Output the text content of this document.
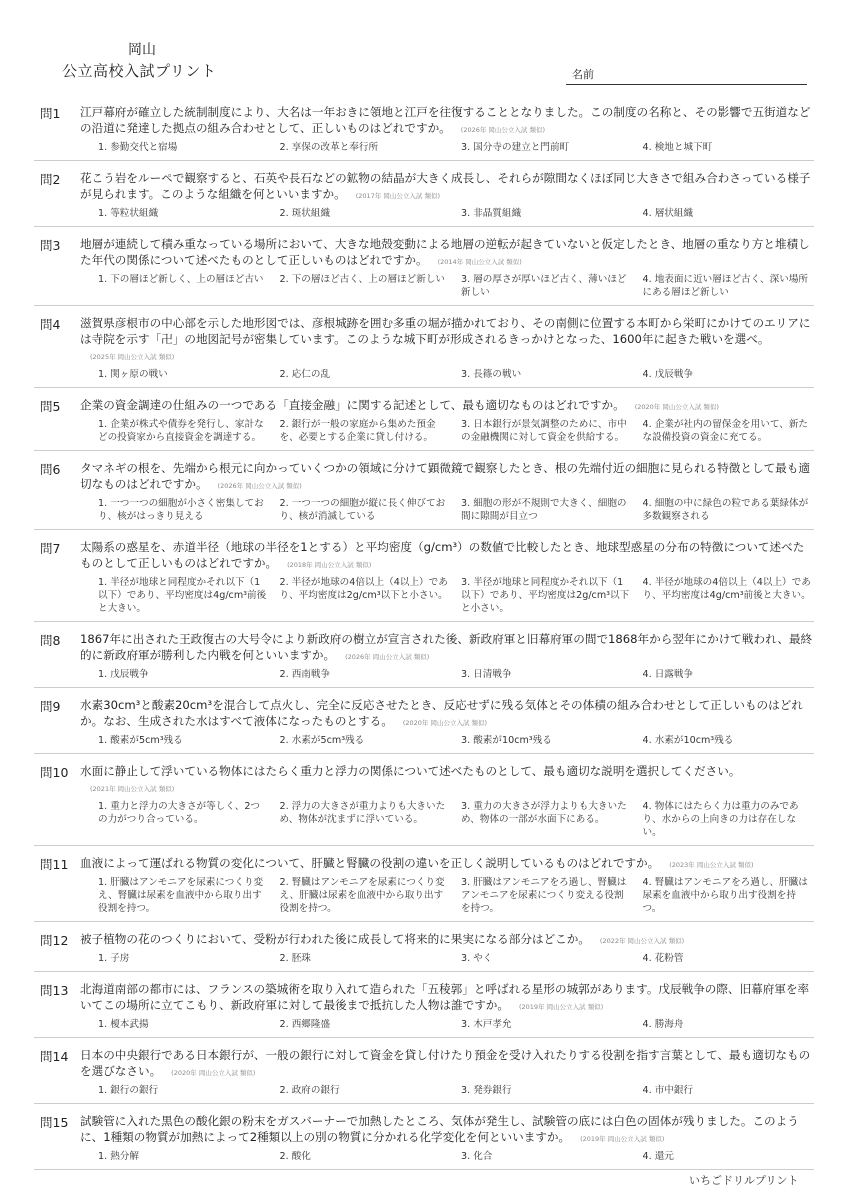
岡山
公立高校入試プリント	名前
問1 江戸幕府が確立した統制制度により、大名は一年おきに領地と江戸を往復することとなりました。この制度の名称と、その影響で五街道などの沿道に発達した拠点の組み合わせとして、正しいものはどれですか。 (2026年 岡山公立入試 類似)
1. 参勤交代と宿場	2. 享保の改革と奉行所	3. 国分寺の建立と門前町	4. 検地と城下町
問2 花こう岩をルーペで観察すると、石英や長石などの鉱物の結晶が大きく成長し、それらが隙間なくほぼ同じ大きさで組み合わさっている様子が見られます。このような組織を何といいますか。 (2017年 岡山公立入試 類似)
1. 等粒状組織	2. 斑状組織	3. 非晶質組織	4. 層状組織
問3 地層が連続して積み重なっている場所において、大きな地殻変動による地層の逆転が起きていないと仮定したとき、地層の重なり方と堆積した年代の関係について述べたものとして正しいものはどれですか。 (2014年 岡山公立入試 類似)
1. 下の層ほど新しく、上の層ほど古い	2. 下の層ほど古く、上の層ほど新しい	3. 層の厚さが厚いほど古く、薄いほど新しい
4. 地表面に近い層ほど古く、深い場所にある層ほど新しい
問4 滋賀県彦根市の中心部を示した地形図では、彦根城跡を囲む多重の堀が描かれており、その南側に位置する本町から栄町にかけてのエリアには寺院を示す「卍」の地図記号が密集しています。このような城下町が形成されるきっかけとなった、1600年に起きた戦いを選べ。(2025年 岡山公立入試 類似)
1. 関ヶ原の戦い	2. 応仁の乱	3. 長篠の戦い	4. 戊辰戦争
問5 企業の資金調達の仕組みの一つである「直接金融」に関する記述として、最も適切なものはどれですか。 (2020年 岡山公立入試 類似)
1. 企業が株式や債券を発行し、家計などの投資家から直接資金を調達する。
2. 銀行が一般の家庭から集めた預金を、必要とする企業に貸し付ける。
3. 日本銀行が景気調整のために、市中の金融機関に対して資金を供給する。
4. 企業が社内の留保金を用いて、新たな設備投資の資金に充てる。
問6 タマネギの根を、先端から根元に向かっていくつかの領域に分けて顕微鏡で観察したとき、根の先端付近の細胞に見られる特徴として最も適切なものはどれですか。 (2026年 岡山公立入試 類似)
1. 一つ一つの細胞が小さく密集しており、核がはっきり見える
2. 一つ一つの細胞が縦に長く伸びており、核が消滅している
3. 細胞の形が不規則で大きく、細胞の間に隙間が目立つ
4. 細胞の中に緑色の粒である葉緑体が多数観察される
問7 太陽系の惑星を、赤道半径（地球の半径を1とする）と平均密度（g/cm³）の数値で比較したとき、地球型惑星の分布の特徴について述べたものとして正しいものはどれですか。 (2018年 岡山公立入試 類似)
1. 半径が地球と同程度かそれ以下（1以下）であり、平均密度は4g/cm³前後と大きい。
2. 半径が地球の4倍以上（4以上）であり、平均密度は2g/cm³以下と小さい。
3. 半径が地球と同程度かそれ以下（1以下）であり、平均密度は2g/cm³以下と小さい。
4. 半径が地球の4倍以上（4以上）であり、平均密度は4g/cm³前後と大きい。
問8 1867年に出された王政復古の大号令により新政府の樹立が宣言された後、新政府軍と旧幕府軍の間で1868年から翌年にかけて戦われ、最終的に新政府軍が勝利した内戦を何といいますか。 (2026年 岡山公立入試 類似)
1. 戊辰戦争	2. 西南戦争	3. 日清戦争	4. 日露戦争
問9 水素30cm³と酸素20cm³を混合して点火し、完全に反応させたとき、反応せずに残る気体とその体積の組み合わせとして正しいものはどれか。なお、生成された水はすべて液体になったものとする。 (2020年 岡山公立入試 類似)
1. 酸素が5cm³残る	2. 水素が5cm³残る	3. 酸素が10cm³残る	4. 水素が10cm³残る
問10 水面に静止して浮いている物体にはたらく重力と浮力の関係について述べたものとして、最も適切な説明を選択してください。(2021年 岡山公立入試 類似)
1. 重力と浮力の大きさが等しく、2つの力がつり合っている。
2. 浮力の大きさが重力よりも大きいため、物体が沈まずに浮いている。
3. 重力の大きさが浮力よりも大きいため、物体の一部が水面下にある。
4. 物体にはたらく力は重力のみであり、水からの上向きの力は存在しない。
問11 血液によって運ばれる物質の変化について、肝臓と腎臓の役割の違いを正しく説明しているものはどれですか。 (2023年 岡山公立入試 類似)
1. 肝臓はアンモニアを尿素につくり変え、腎臓は尿素を血液中から取り出す役割を持つ。
2. 腎臓はアンモニアを尿素につくり変え、肝臓は尿素を血液中から取り出す役割を持つ。
3. 肝臓はアンモニアをろ過し、腎臓はアンモニアを尿素につくり変える役割を持つ。
4. 腎臓はアンモニアをろ過し、肝臓は尿素を血液中から取り出す役割を持つ。
問12 被子植物の花のつくりにおいて、受粉が行われた後に成長して将来的に果実になる部分はどこか。 (2022年 岡山公立入試 類似)
1. 子房	2. 胚珠	3. やく	4. 花粉管
問13 北海道南部の都市には、フランスの築城術を取り入れて造られた「五稜郭」と呼ばれる星形の城郭があります。戊辰戦争の際、旧幕府軍を率いてこの場所に立てこもり、新政府軍に対して最後まで抵抗した人物は誰ですか。 (2019年 岡山公立入試 類似)
1. 榎本武揚	2. 西郷隆盛	3. 木戸孝允	4. 勝海舟
問14 日本の中央銀行である日本銀行が、一般の銀行に対して資金を貸し付けたり預金を受け入れたりする役割を指す言葉として、最も適切なものを選びなさい。 (2020年 岡山公立入試 類似)
1. 銀行の銀行	2. 政府の銀行	3. 発券銀行	4. 市中銀行
問15 試験管に入れた黒色の酸化銀の粉末をガスバーナーで加熱したところ、気体が発生し、試験管の底には白色の固体が残りました。このように、1種類の物質が加熱によって2種類以上の別の物質に分かれる化学変化を何といいますか。 (2019年 岡山公立入試 類似)
1. 熱分解	2. 酸化	3. 化合	4. 還元
いちごドリルプリント
